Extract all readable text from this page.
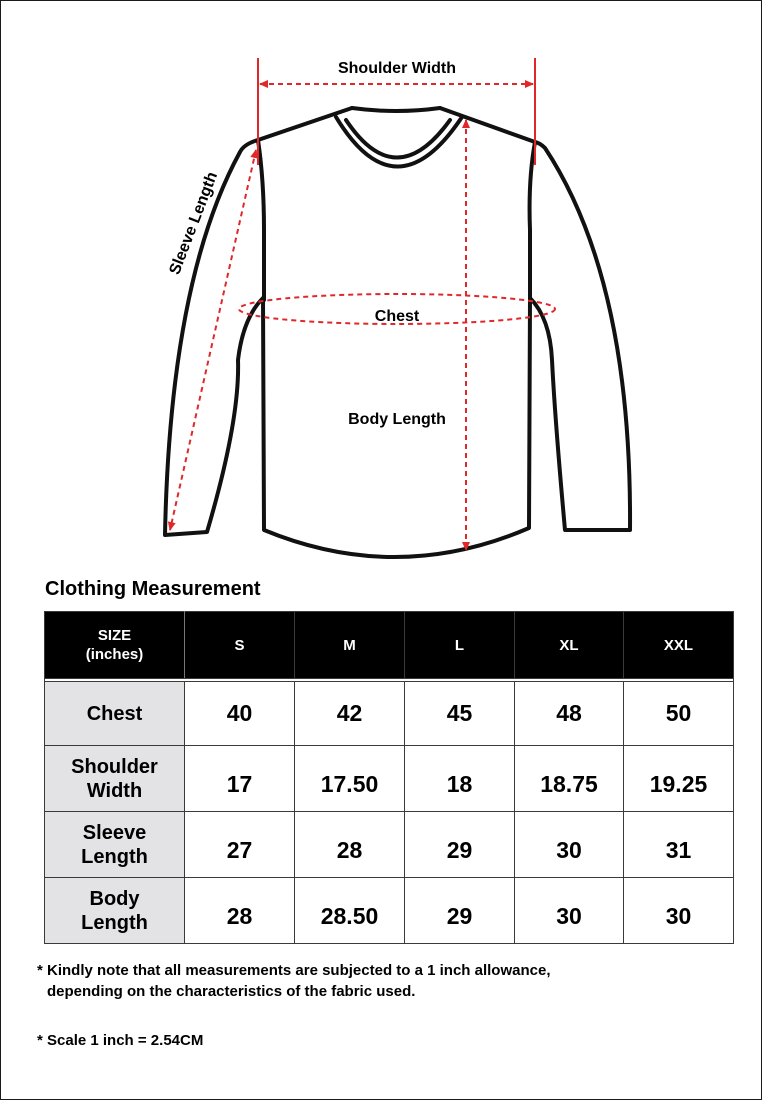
Shoulder Width
Sleeve Length
Chest
Body Length
Clothing Measurement
SIZE
(inches)	S	M	L	XL	XXL

Chest	40	42	45	48	50
Shoulder
Width	17	17.50	18	18.75	19.25
Sleeve
Length	27	28	29	30	31
Body
Length	28	28.50	29	30	30
* Kindly note that all measurements are subjected to a 1 inch allowance,
depending on the characteristics of the fabric used.
* Scale 1 inch = 2.54CM
